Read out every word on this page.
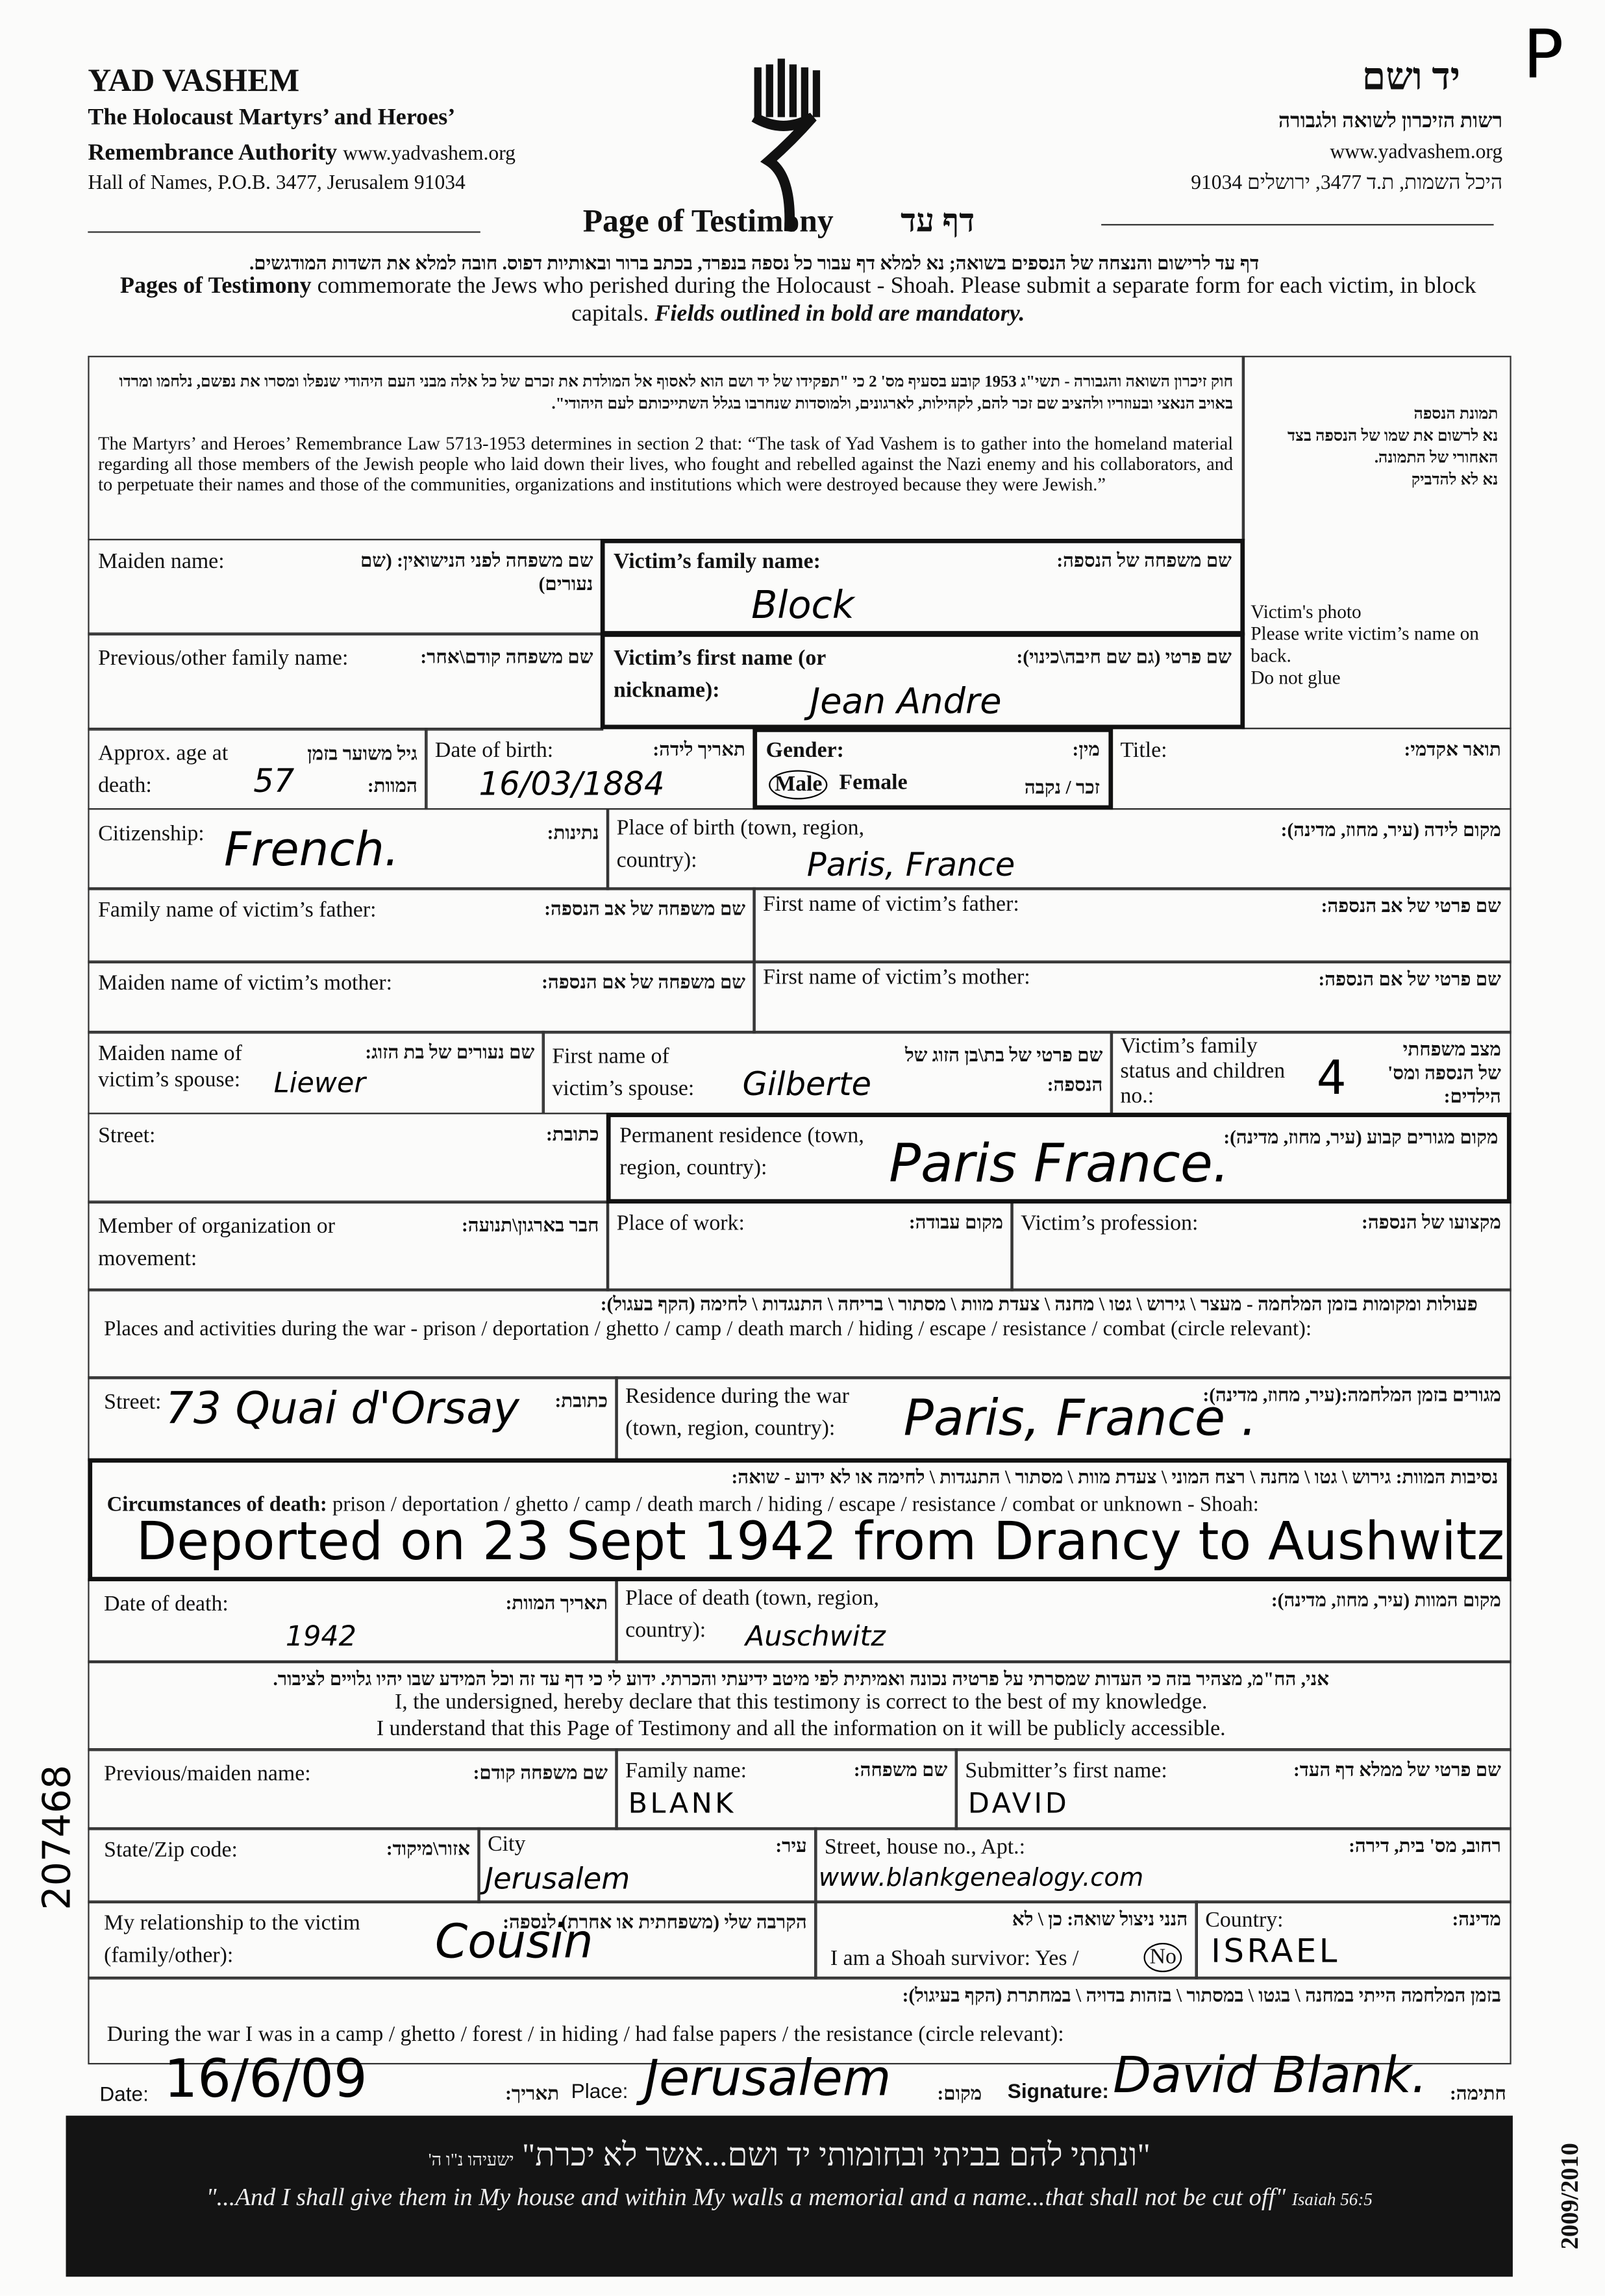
YAD VASHEM
The Holocaust Martyrs’ and Heroes’
Remembrance Authority www.yadvashem.org
Hall of Names, P.O.B. 3477, Jerusalem 91034
יד ושם
רשות הזיכרון לשואה ולגבורה
www.yadvashem.org
היכל השמות, ת.ד 3477, ירושלים 91034
P
Page of Testimony	דף עד
דף עד לרישום והנצחה של הנספים בשואה; נא למלא דף עבור כל נספה בנפרד, בכתב ברור ובאותיות דפוס. חובה למלא את השדות המודגשים.
Pages of Testimony commemorate the Jews who perished during the Holocaust - Shoah. Please submit a separate form for each victim, in block capitals. Fields outlined in bold are mandatory.
חוק זיכרון השואה והגבורה - תשי"ג 1953 קובע בסעיף מס' 2 כי "תפקידו של יד ושם הוא לאסוף אל המולדת את זכרם של כל אלה מבני העם היהודי שנפלו ומסרו את נפשם, נלחמו ומרדו באויב הנאצי ובעוזריו ולהציב שם זכר להם, לקהילות, לארגונים, ולמוסדות שנחרבו בגלל השתייכותם לעם היהודי".
The Martyrs’ and Heroes’ Remembrance Law 5713-1953 determines in section 2 that: “The task of Yad Vashem is to gather into the homeland material regarding all those members of the Jewish people who laid down their lives, who fought and rebelled against the Nazi enemy and his collaborators, and to perpetuate their names and those of the communities, organizations and institutions which were destroyed because they were Jewish.”
תמונת הנספה
נא לרשום את שמו של הנספה בצד האחורי של התמונה.
נא לא להדביק
Victim's photo
Please write victim’s name on back.
Do not glue
Maiden name:	שם משפחה לפני הנישואין: (שם נעורים)
Victim’s family name:	שם משפחה של הנספה:
Block
Previous/other family name:	שם משפחה קודם\אחר: Victim’s first name (or nickname):
שם פרטי (גם שם חיבה\כינוי):
Jean Andre
Approx. age at death:
גיל משוער בזמן המוות:
57
Date of birth:	תאריך לידה:
16/03/1884
Gender:	מין:
Male	Female	זכר / נקבה
Title:	תואר אקדמי:
Citizenship:	נתינות:
French.	Place of birth (town, region, country):
מקום לידה (עיר, מחוז, מדינה):
Paris, France
Family name of victim’s father:	שם משפחה של אב הנספה: First name of victim’s father:	שם פרטי של אב הנספה:
Maiden name of victim’s mother:	שם משפחה של אם הנספה: First name of victim’s mother:	שם פרטי של אם הנספה:
Maiden name of victim’s spouse:
שם נעורים של בת הזוג:
Liewer
First name of victim’s spouse:
שם פרטי של בת\בן הזוג של הנספה:
Gilberte
Victim’s family status and children no.:
מצב משפחתי של הנספה ומס' הילדים:
4
Street:	כתובת: Permanent residence (town, region, country):
מקום מגורים קבוע (עיר, מחוז, מדינה):
Paris France.
Member of organization or movement:
חבר בארגון\תנועה: Place of work:	מקום עבודה: Victim’s profession:	מקצועו של הנספה:
פעולות ומקומות בזמן המלחמה - מעצר \ גירוש \ גטו \ מחנה \ צעדת מוות \ מסתור \ בריחה \ התנגדות \ לחימה (הקף בעגול):
Places and activities during the war - prison / deportation / ghetto / camp / death march / hiding / escape / resistance / combat (circle relevant):
Street:	כתובת:
73 Quai d'Orsay	Residence during the war (town, region, country):
מגורים בזמן המלחמה:(עיר, מחוז, מדינה):
Paris, France .
נסיבות המוות: גירוש \ גטו \ מחנה \ רצח המוני \ צעדת מוות \ מסתור \ התנגדות \ לחימה או לא ידוע - שואה:
Circumstances of death: prison / deportation / ghetto / camp / death march / hiding / escape / resistance / combat or unknown - Shoah:
Deported on 23 Sept 1942 from Drancy to Aushwitz
Date of death:	תאריך המוות:
1942
Place of death (town, region, country):
מקום המוות (עיר, מחוז, מדינה):
Auschwitz
אני, הח"מ, מצהיר בזה כי העדות שמסרתי על פרטיה נכונה ואמיתית לפי מיטב ידיעתי והכרתי. ידוע לי כי דף עד זה וכל המידע שבו יהיו גלויים לציבור.
I, the undersigned, hereby declare that this testimony is correct to the best of my knowledge.
I understand that this Page of Testimony and all the information on it will be publicly accessible.
Previous/maiden name:	שם משפחה קודם: Family name:	שם משפחה:
BLANK
Submitter’s first name:	שם פרטי של ממלא דף העד:
DAVID
State/Zip code:	אזור\מיקוד: City	עיר:
Jerusalem
Street, house no., Apt.:	רחוב, מס' בית, דירה:
www.blankgenealogy.com
My relationship to the victim (family/other):
הקרבה שלי (משפחתית או אחרת) לנספה:
Cousin	הנני ניצול שואה: כן \ לא
I am a Shoah survivor: Yes /	No
Country:	מדינה:
ISRAEL
בזמן המלחמה הייתי במחנה \ בגטו \ במסתור \ בזהות בדויה \ במחתרת (הקף בעיגול):
During the war I was in a camp / ghetto / forest / in hiding / had false papers / the resistance (circle relevant):
Date: 16/6/09	תאריך: Place: Jerusalem	מקום:	Signature: David Blank.	חתימה:
"ונתתי להם בביתי ובחומותי יד ושם...אשר לא יכרת" ישעיהו נ"ו ה'
"...And I shall give them in My house and within My walls a memorial and a name...that shall not be cut off" Isaiah 56:5
207468
2009/2010
